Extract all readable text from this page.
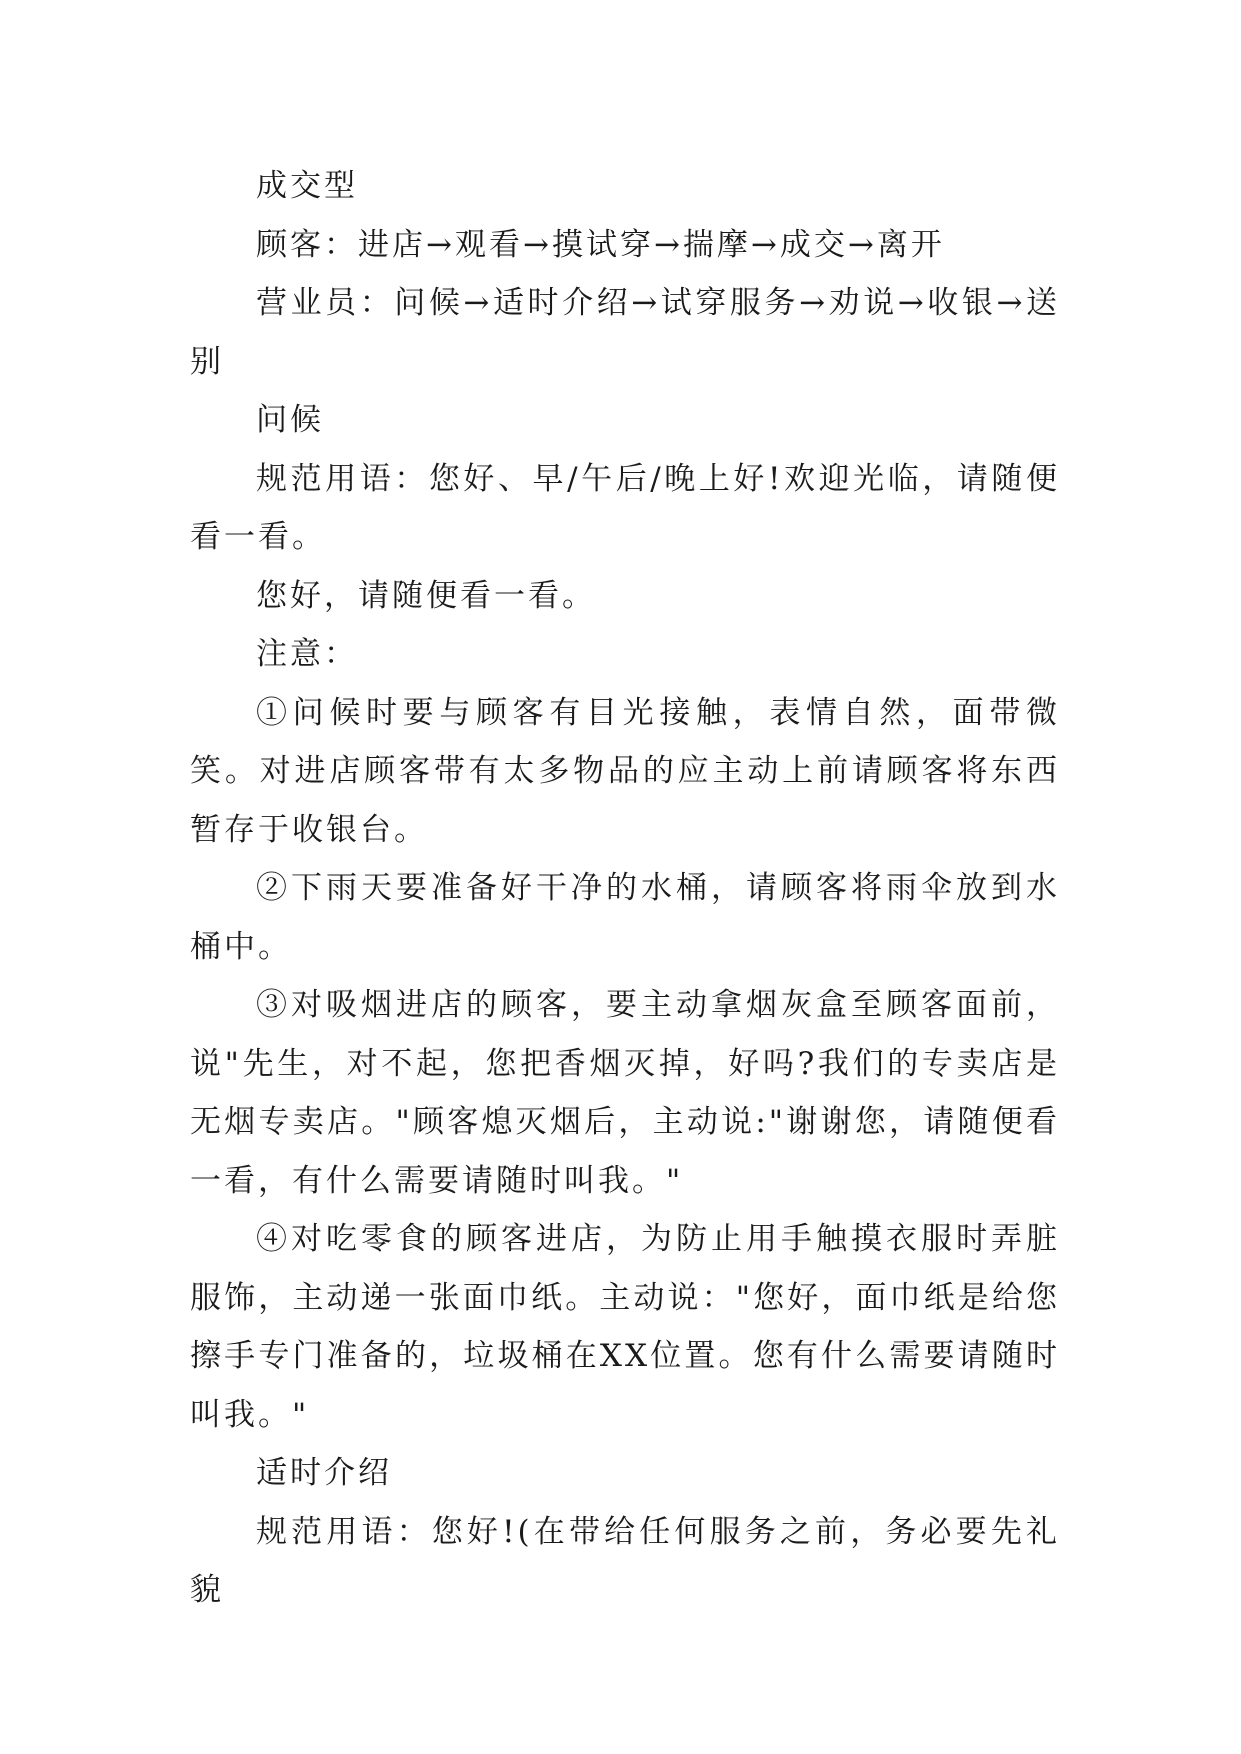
成交型

顾客：进店→观看→摸试穿→揣摩→成交→离开

营业员：问候→适时介绍→试穿服务→劝说→收银→送别

问候

规范用语：您好、早/午后/晚上好!欢迎光临，请随便看一看。

您好，请随便看一看。

注意：

①问候时要与顾客有目光接触，表情自然，面带微笑。对进店顾客带有太多物品的应主动上前请顾客将东西暂存于收银台。

②下雨天要准备好干净的水桶，请顾客将雨伞放到水桶中。

③对吸烟进店的顾客，要主动拿烟灰盒至顾客面前，说"先生，对不起，您把香烟灭掉，好吗?我们的专卖店是无烟专卖店。"顾客熄灭烟后，主动说:"谢谢您，请随便看一看，有什么需要请随时叫我。"

④对吃零食的顾客进店，为防止用手触摸衣服时弄脏服饰，主动递一张面巾纸。主动说："您好，面巾纸是给您擦手专门准备的，垃圾桶在XX位置。您有什么需要请随时叫我。"

适时介绍

规范用语：您好!(在带给任何服务之前，务必要先礼貌
